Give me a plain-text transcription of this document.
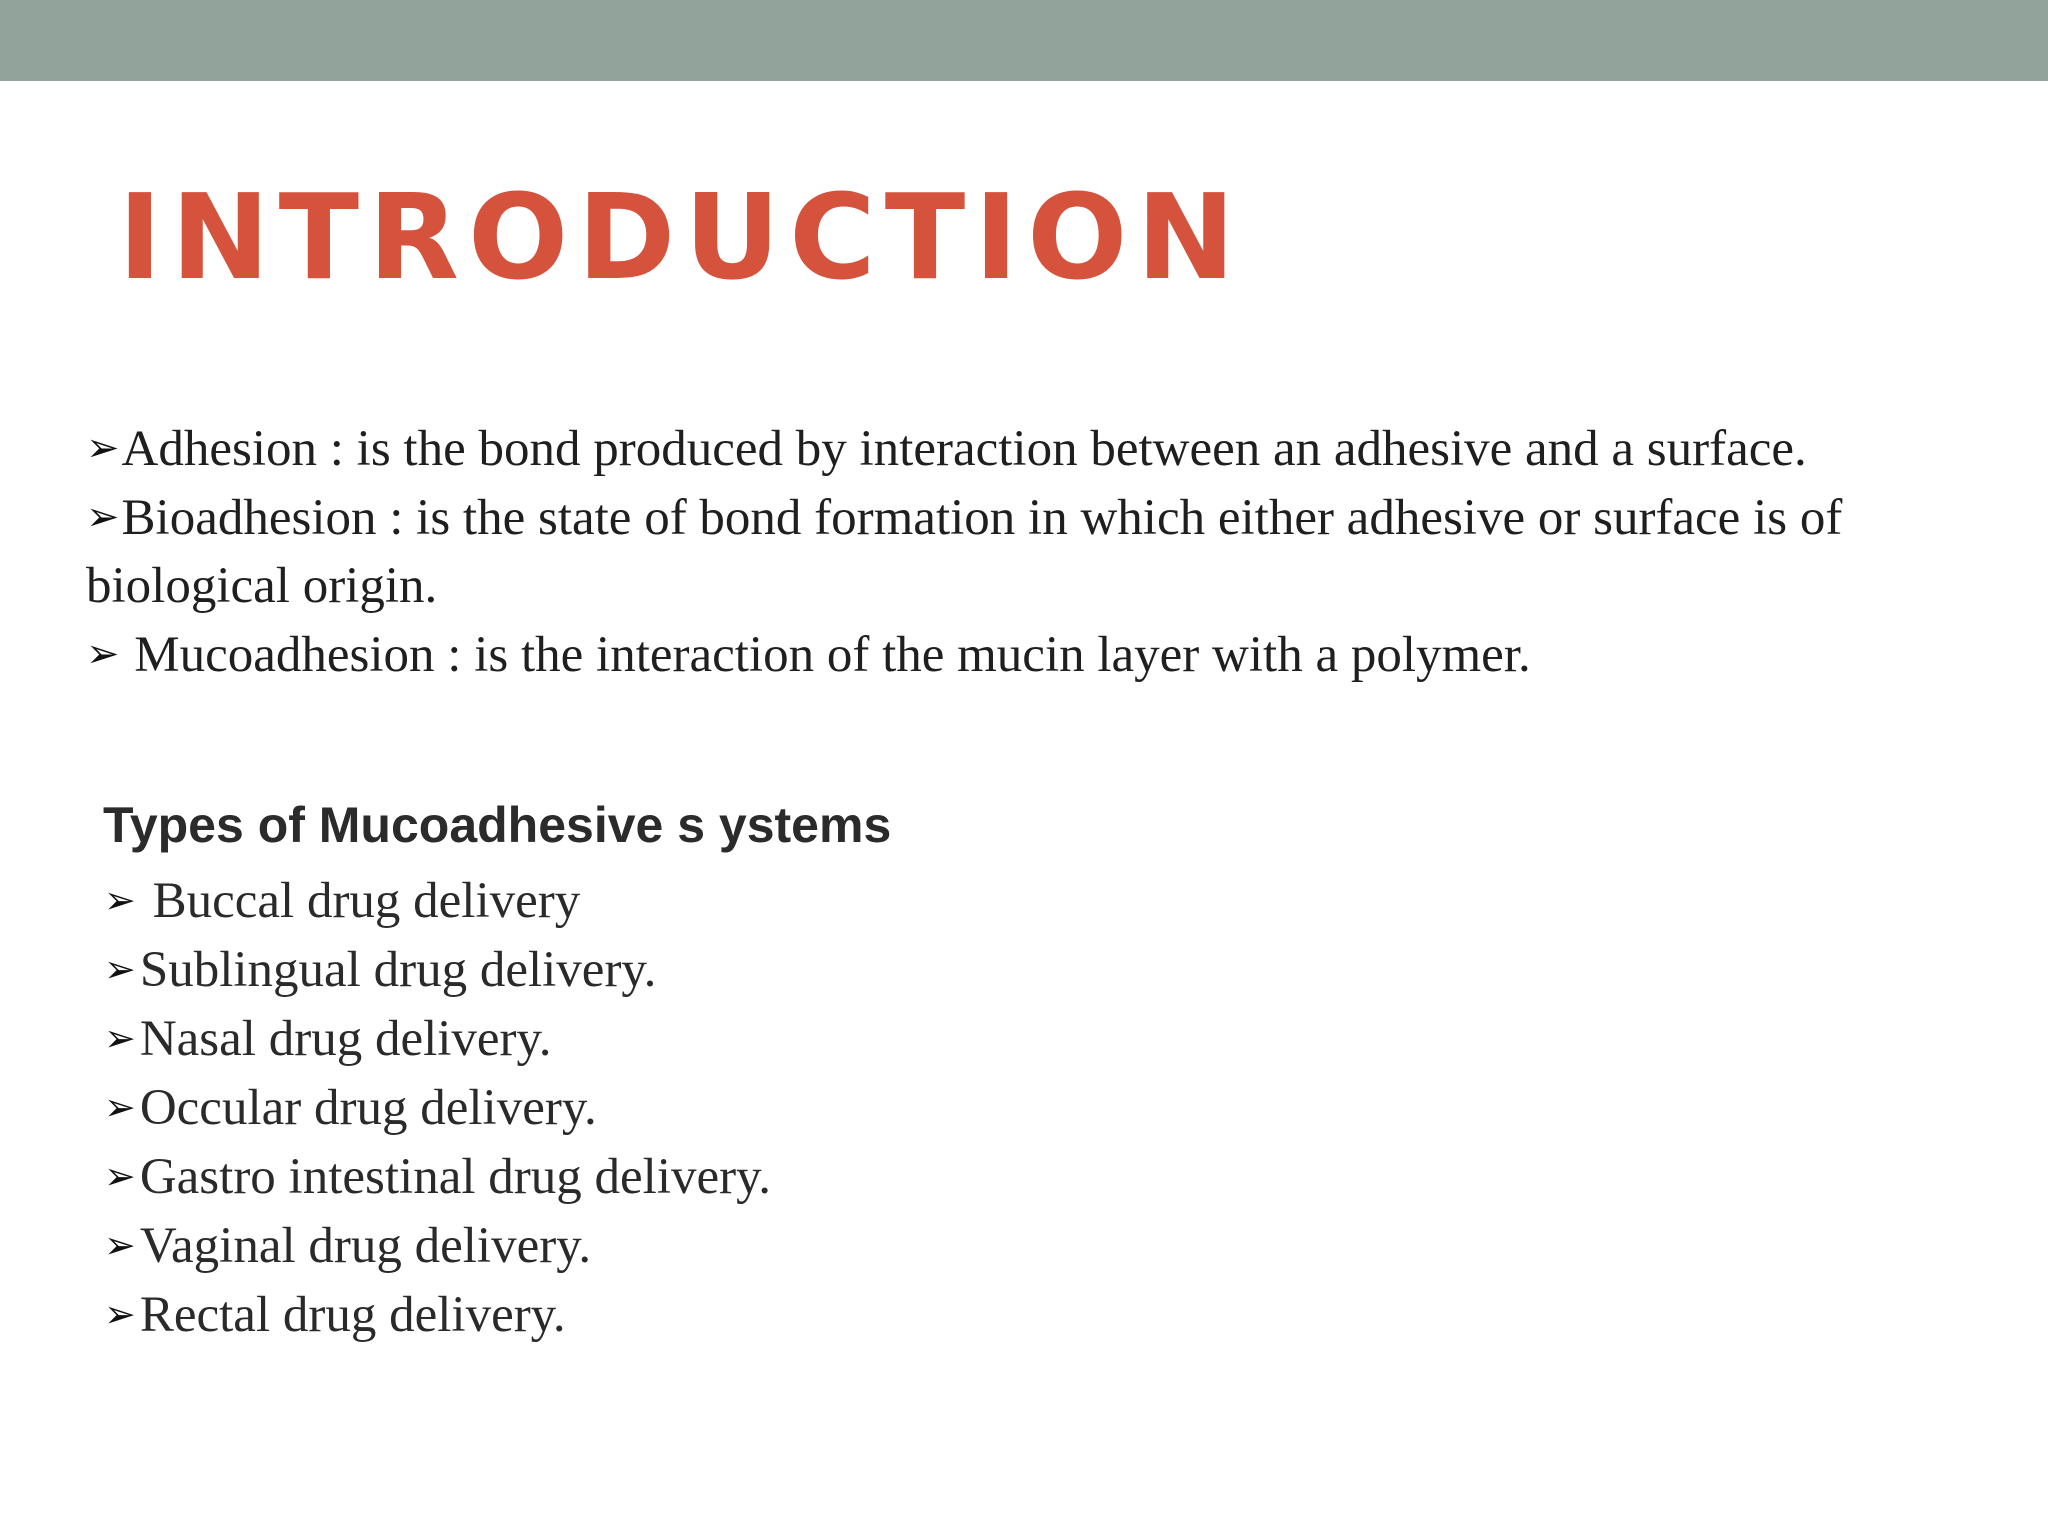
INTRODUCTION

➢Adhesion : is the bond produced by interaction between an adhesive and a surface.

➢Bioadhesion : is the state of bond formation in which either adhesive or surface is of biological origin.

➢ Mucoadhesion : is the interaction of the mucin layer with a polymer.

Types of Mucoadhesive s ystems
➢ Buccal drug delivery
➢Sublingual drug delivery.
➢Nasal drug delivery.
➢Occular drug delivery.
➢Gastro intestinal drug delivery.
➢Vaginal drug delivery.
➢Rectal drug delivery.
